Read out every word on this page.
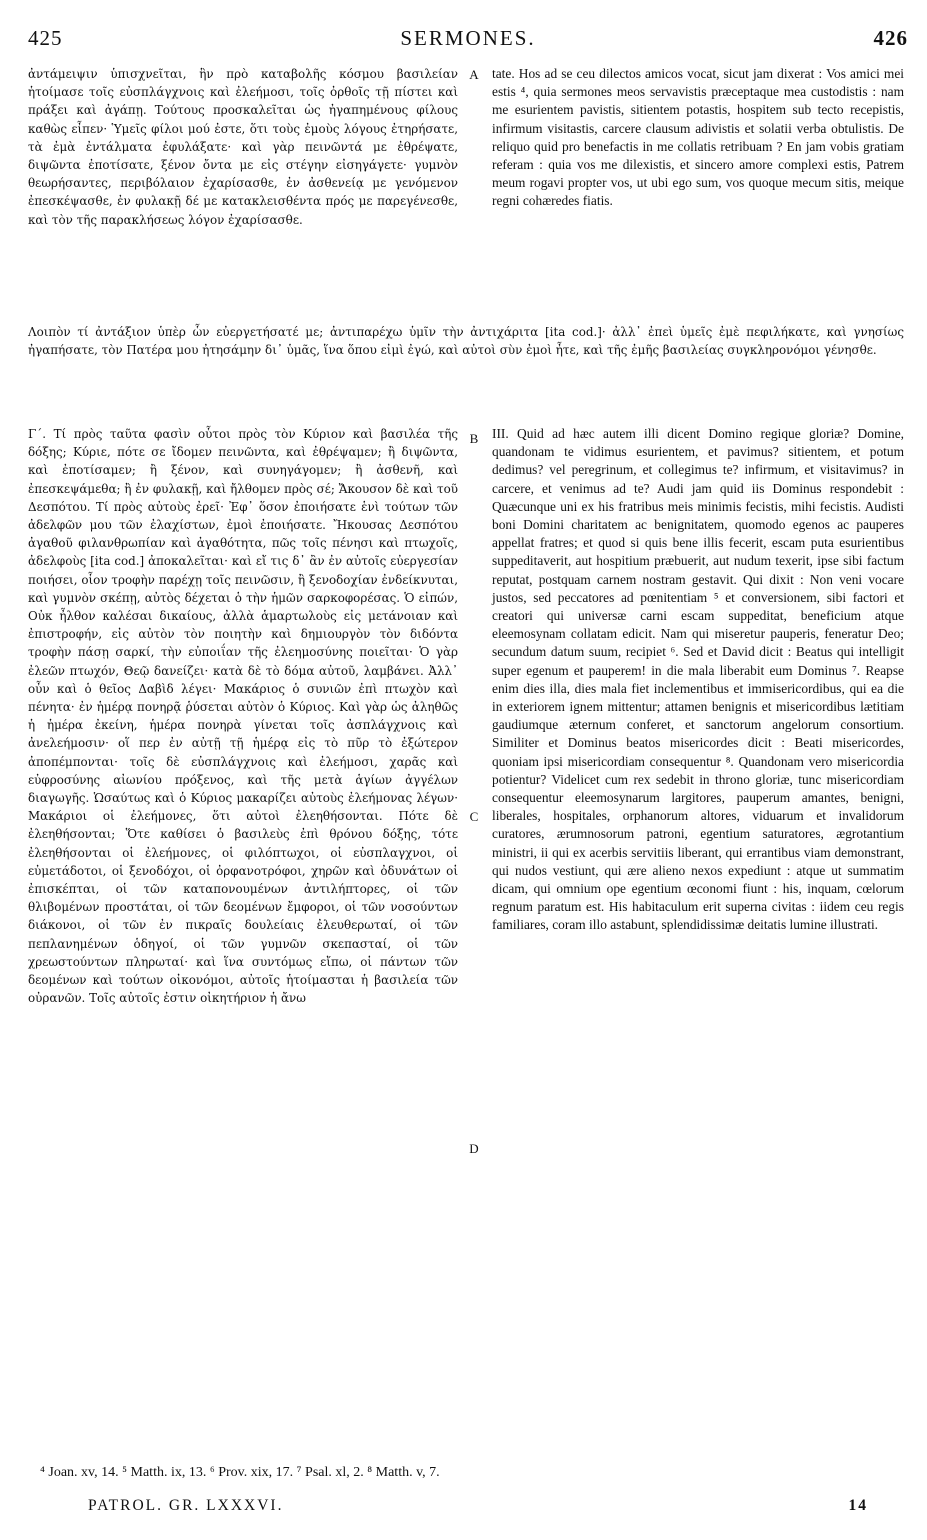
425	SERMONES.	426

ἀντάμειψιν ὑπισχνεῖται, ἣν πρὸ καταβολῆς κόσμου βασιλείαν ἡτοίμασε τοῖς εὐσπλάγχνοις καὶ ἐλεήμοσι, τοῖς ὀρθοῖς τῇ πίστει καὶ πράξει καὶ ἀγάπῃ. Τούτους προσκαλεῖται ὡς ἠγαπημένους φίλους καθὼς εἶπεν· Ὑμεῖς φίλοι μού ἐστε, ὅτι τοὺς ἐμοὺς λόγους ἐτηρήσατε, τὰ ἐμὰ ἐντάλματα ἐφυλάξατε· καὶ γὰρ πεινῶντά με ἐθρέψατε, διψῶντα ἐποτίσατε, ξένον ὄντα με εἰς στέγην εἰσηγάγετε· γυμνὸν θεωρήσαντες, περιβόλαιον ἐχαρίσασθε, ἐν ἀσθενείᾳ με γενόμενον ἐπεσκέψασθε, ἐν φυλακῇ δέ με κατακλεισθέντα πρός με παρεγένεσθε, καὶ τὸν τῆς παρακλήσεως λόγον ἐχαρίσασθε.

tate. Hos ad se ceu dilectos amicos vocat, sicut jam dixerat : Vos amici mei estis ⁴, quia sermones meos servavistis præceptaque mea custodistis : nam me esurientem pavistis, sitientem potastis, hospitem sub tecto recepistis, infirmum visitastis, carcere clausum adivistis et solatii verba obtulistis. De reliquo quid pro benefactis in me collatis retribuam ? En jam vobis gratiam referam : quia vos me dilexistis, et sincero amore complexi estis, Patrem meum rogavi propter vos, ut ubi ego sum, vos quoque mecum sitis, meique regni cohæredes fiatis.

Λοιπὸν τί ἀντάξιον ὑπὲρ ὧν εὐεργετήσατέ με; ἀντιπαρέχω ὑμῖν τὴν ἀντιχάριτα [ita cod.]· ἀλλ᾽ ἐπεὶ ὑμεῖς ἐμὲ πεφιλήκατε, καὶ γνησίως ἠγαπήσατε, τὸν Πατέρα μου ἠτησάμην δι᾽ ὑμᾶς, ἵνα ὅπου εἰμὶ ἐγώ, καὶ αὐτοὶ σὺν ἐμοὶ ἦτε, καὶ τῆς ἐμῆς βασιλείας συγκληρονόμοι γένησθε.

Γ´. Τί πρὸς ταῦτα φασὶν οὗτοι πρὸς τὸν Κύριον καὶ βασιλέα τῆς δόξης; Κύριε, πότε σε ἴδομεν πεινῶντα, καὶ ἐθρέψαμεν; ἢ διψῶντα, καὶ ἐποτίσαμεν; ἢ ξένον, καὶ συνηγάγομεν; ἢ ἀσθενῆ, καὶ ἐπεσκεψάμεθα; ἢ ἐν φυλακῇ, καὶ ἤλθομεν πρὸς σέ; Ἄκουσον δὲ καὶ τοῦ Δεσπότου. Τί πρὸς αὐτοὺς ἐρεῖ· Ἐφ᾽ ὅσον ἐποιήσατε ἑνὶ τούτων τῶν ἀδελφῶν μου τῶν ἐλαχίστων, ἐμοὶ ἐποιήσατε. Ἤκουσας Δεσπότου ἀγαθοῦ φιλανθρωπίαν καὶ ἀγαθότητα, πῶς τοῖς πένησι καὶ πτωχοῖς, ἀδελφοὺς [ita cod.] ἀποκαλεῖται· καὶ εἴ τις δ᾽ ἂν ἐν αὐτοῖς εὐεργεσίαν ποιήσει, οἷον τροφὴν παρέχῃ τοῖς πεινῶσιν, ἢ ξενοδοχίαν ἐνδείκνυται, καὶ γυμνὸν σκέπῃ, αὐτὸς δέχεται ὁ τὴν ἡμῶν σαρκοφορέσας. Ὁ εἰπών, Οὐκ ἦλθον καλέσαι δικαίους, ἀλλὰ ἁμαρτωλοὺς εἰς μετάνοιαν καὶ ἐπιστροφήν, εἰς αὐτὸν τὸν ποιητὴν καὶ δημιουργὸν τὸν διδόντα τροφὴν πάσῃ σαρκί, τὴν εὐποιΐαν τῆς ἐλεημοσύνης ποιεῖται· Ὁ γὰρ ἐλεῶν πτωχόν, Θεῷ δανείζει· κατὰ δὲ τὸ δόμα αὐτοῦ, λαμβάνει. Ἀλλ᾽ οὖν καὶ ὁ θεῖος Δαβὶδ λέγει· Μακάριος ὁ συνιῶν ἐπὶ πτωχὸν καὶ πένητα· ἐν ἡμέρᾳ πονηρᾷ ῥύσεται αὐτὸν ὁ Κύριος. Καὶ γὰρ ὡς ἀληθῶς ἡ ἡμέρα ἐκείνη, ἡμέρα πονηρὰ γίνεται τοῖς ἀσπλάγχνοις καὶ ἀνελεήμοσιν· οἵ περ ἐν αὐτῇ τῇ ἡμέρᾳ εἰς τὸ πῦρ τὸ ἐξώτερον ἀποπέμπονται· τοῖς δὲ εὐσπλάγχνοις καὶ ἐλεήμοσι, χαρᾶς καὶ εὐφροσύνης αἰωνίου πρόξενος, καὶ τῆς μετὰ ἁγίων ἀγγέλων διαγωγῆς. Ὡσαύτως καὶ ὁ Κύριος μακαρίζει αὐτοὺς ἐλεήμονας λέγων· Μακάριοι οἱ ἐλεήμονες, ὅτι αὐτοὶ ἐλεηθήσονται. Πότε δὲ ἐλεηθήσονται; Ὅτε καθίσει ὁ βασιλεὺς ἐπὶ θρόνου δόξης, τότε ἐλεηθήσονται οἱ ἐλεήμονες, οἱ φιλόπτωχοι, οἱ εὐσπλαγχνοι, οἱ εὐμετάδοτοι, οἱ ξενοδόχοι, οἱ ὀρφανοτρόφοι, χηρῶν καὶ ὀδυνάτων οἱ ἐπισκέπται, οἱ τῶν καταπονουμένων ἀντιλήπτορες, οἱ τῶν θλιβομένων προστάται, οἱ τῶν δεομένων ἔμφοροι, οἱ τῶν νοσούντων διάκονοι, οἱ τῶν ἐν πικραῖς δουλείαις ἐλευθερωταί, οἱ τῶν πεπλανημένων ὁδηγοί, οἱ τῶν γυμνῶν σκεπασταί, οἱ τῶν χρεωστούντων πληρωταί· καὶ ἵνα συντόμως εἴπω, οἱ πάντων τῶν δεομένων καὶ τούτων οἰκονόμοι, αὐτοῖς ἡτοίμασται ἡ βασιλεία τῶν οὐρανῶν. Τοῖς αὐτοῖς ἐστιν οἰκητήριον ἡ ἄνω

III. Quid ad hæc autem illi dicent Domino regique gloriæ? Domine, quandonam te vidimus esurientem, et pavimus? sitientem, et potum dedimus? vel peregrinum, et collegimus te? infirmum, et visitavimus? in carcere, et venimus ad te? Audi jam quid iis Dominus respondebit : Quæcunque uni ex his fratribus meis minimis fecistis, mihi fecistis. Audisti boni Domini charitatem ac benignitatem, quomodo egenos ac pauperes appellat fratres; et quod si quis bene illis fecerit, escam puta esurientibus suppeditaverit, aut hospitium præbuerit, aut nudum texerit, ipse sibi factum reputat, postquam carnem nostram gestavit. Qui dixit : Non veni vocare justos, sed peccatores ad pœnitentiam ⁵ et conversionem, sibi factori et creatori qui universæ carni escam suppeditat, beneficium atque eleemosynam collatam edicit. Nam qui miseretur pauperis, feneratur Deo; secundum datum suum, recipiet ⁶. Sed et David dicit : Beatus qui intelligit super egenum et pauperem! in die mala liberabit eum Dominus ⁷. Reapse enim dies illa, dies mala fiet inclementibus et immisericordibus, qui ea die in exteriorem ignem mittentur; attamen benignis et misericordibus lætitiam gaudiumque æternum conferet, et sanctorum angelorum consortium. Similiter et Dominus beatos misericordes dicit : Beati misericordes, quoniam ipsi misericordiam consequentur ⁸. Quandonam vero misericordia potientur? Videlicet cum rex sedebit in throno gloriæ, tunc misericordiam consequentur eleemosynarum largitores, pauperum amantes, benigni, liberales, hospitales, orphanorum altores, viduarum et invalidorum curatores, ærumnosorum patroni, egentium saturatores, ægrotantium ministri, ii qui ex acerbis servitiis liberant, qui errantibus viam demonstrant, qui nudos vestiunt, qui ære alieno nexos expediunt : atque ut summatim dicam, qui omnium ope egentium œconomi fiunt : his, inquam, cœlorum regnum paratum est. His habitaculum erit superna civitas : iidem ceu regis familiares, coram illo astabunt, splendidissimæ deitatis lumine illustrati.

A
B
C
D
⁴ Joan. xv, 14. ⁵ Matth. ix, 13. ⁶ Prov. xix, 17. ⁷ Psal. xl, 2. ⁸ Matth. v, 7.
PATROL. GR. LXXXVI.	14
